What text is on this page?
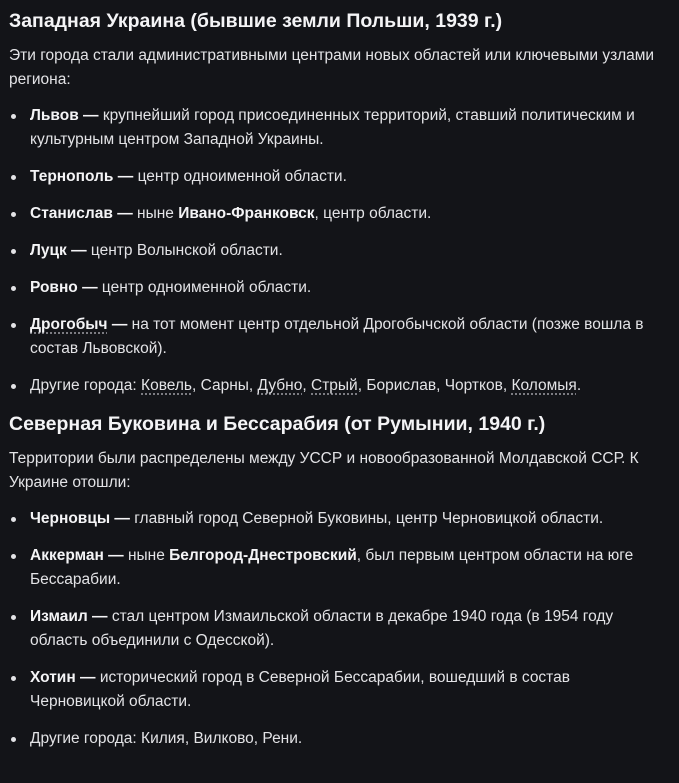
Западная Украина (бывшие земли Польши, 1939 г.)

Эти города стали административными центрами новых областей или ключевыми узлами региона:

Львов — крупнейший город присоединенных территорий, ставший политическим и культурным центром Западной Украины.
Тернополь — центр одноименной области.
Станислав — ныне Ивано-Франковск, центр области.
Луцк — центр Волынской области.
Ровно — центр одноименной области.
Дрогобыч — на тот момент центр отдельной Дрогобычской области (позже вошла в состав Львовской).
Другие города: Ковель, Сарны, Дубно, Стрый, Борислав, Чортков, Коломыя.
Северная Буковина и Бессарабия (от Румынии, 1940 г.)

Территории были распределены между УССР и новообразованной Молдавской ССР. К Украине отошли:

Черновцы — главный город Северной Буковины, центр Черновицкой области.
Аккерман — ныне Белгород-Днестровский, был первым центром области на юге Бессарабии.
Измаил — стал центром Измаильской области в декабре 1940 года (в 1954 году область объединили с Одесской).
Хотин — исторический город в Северной Бессарабии, вошедший в состав Черновицкой области.
Другие города: Килия, Вилково, Рени.
